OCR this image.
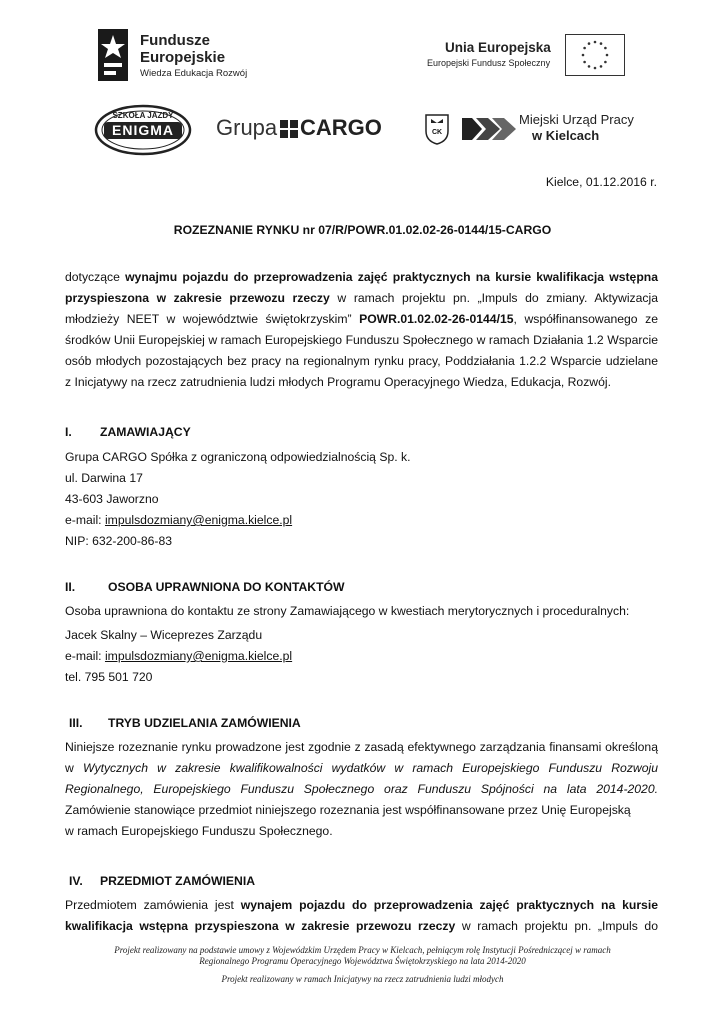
Fundusze
Europejskie
Wiedza Edukacja Rozwój
Unia Europejska
Europejski Fundusz Społeczny
SZKOŁA JAZDY
ENIGMA	Grupa CARGO	CK
Miejski Urząd Pracy
w Kielcach
Kielce, 01.12.2016 r.
ROZEZNANIE RYNKU nr 07/R/POWR.01.02.02-26-0144/15-CARGO
dotyczące wynajmu pojazdu do przeprowadzenia zajęć praktycznych na kursie kwalifikacja wstępna
przyspieszona w zakresie przewozu rzeczy w ramach projektu pn. „Impuls do zmiany. Aktywizacja
młodzieży NEET w województwie świętokrzyskim” POWR.01.02.02-26-0144/15, współfinansowanego ze
środków Unii Europejskiej w ramach Europejskiego Funduszu Społecznego w ramach Działania 1.2 Wsparcie
osób młodych pozostających bez pracy na regionalnym rynku pracy, Poddziałania 1.2.2 Wsparcie udzielane
z Inicjatywy na rzecz zatrudnienia ludzi młodych Programu Operacyjnego Wiedza, Edukacja, Rozwój.
I. ZAMAWIAJĄCY
Grupa CARGO Spółka z ograniczoną odpowiedzialnością Sp. k.
ul. Darwina 17
43-603 Jaworzno
e-mail: impulsdozmiany@enigma.kielce.pl
NIP: 632-200-86-83
II.	OSOBA UPRAWNIONA DO KONTAKTÓW
Osoba uprawniona do kontaktu ze strony Zamawiającego w kwestiach merytorycznych i proceduralnych:
Jacek Skalny – Wiceprezes Zarządu
e-mail: impulsdozmiany@enigma.kielce.pl
tel. 795 501 720
III. TRYB UDZIELANIA ZAMÓWIENIA
Niniejsze rozeznanie rynku prowadzone jest zgodnie z zasadą efektywnego zarządzania finansami określoną
w Wytycznych w zakresie kwalifikowalności wydatków w ramach Europejskiego Funduszu Rozwoju
Regionalnego, Europejskiego Funduszu Społecznego oraz Funduszu Spójności na lata 2014-2020.
Zamówienie stanowiące przedmiot niniejszego rozeznania jest współfinansowane przez Unię Europejską
w ramach Europejskiego Funduszu Społecznego.
IV. PRZEDMIOT ZAMÓWIENIA
Przedmiotem zamówienia jest wynajem pojazdu do przeprowadzenia zajęć praktycznych na kursie
kwalifikacja wstępna przyspieszona w zakresie przewozu rzeczy w ramach projektu pn. „Impuls do
Projekt realizowany na podstawie umowy z Wojewódzkim Urzędem Pracy w Kielcach, pełniącym rolę Instytucji Pośredniczącej w ramach
Regionalnego Programu Operacyjnego Województwa Świętokrzyskiego na lata 2014-2020
Projekt realizowany w ramach Inicjatywy na rzecz zatrudnienia ludzi młodych
